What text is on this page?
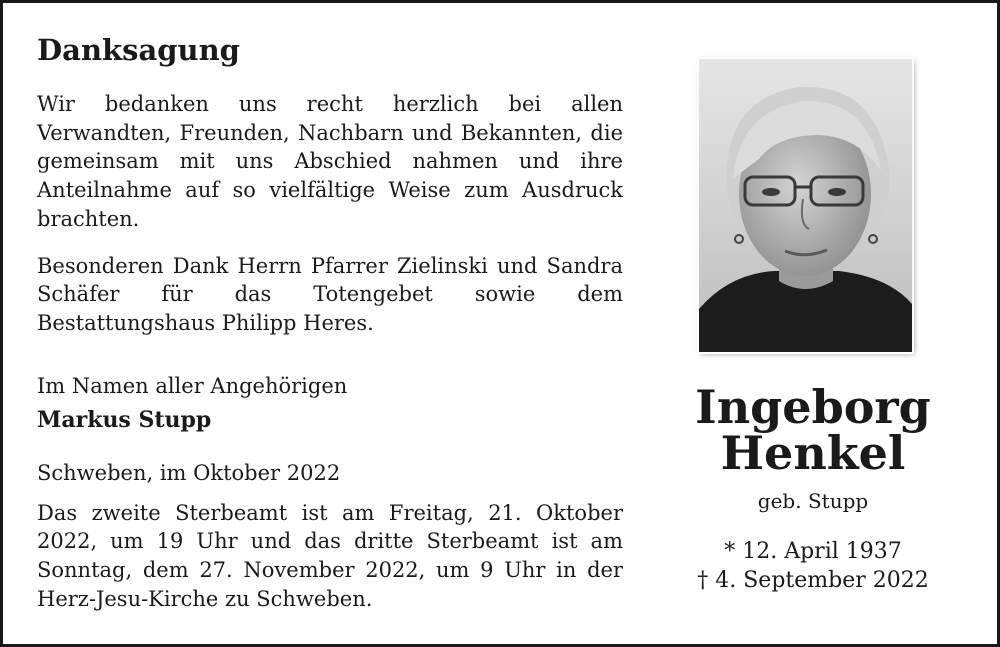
Danksagung

Wir bedanken uns recht herzlich bei allen Verwandten, Freunden, Nachbarn und Bekannten, die gemeinsam mit uns Abschied nahmen und ihre Anteilnahme auf so vielfältige Weise zum Ausdruck brachten.

Besonderen Dank Herrn Pfarrer Zielinski und Sandra Schäfer für das Totengebet sowie dem Bestattungshaus Philipp Heres.

Im Namen aller Angehörigen

Markus Stupp

Schweben, im Oktober 2022

Das zweite Sterbeamt ist am Freitag, 21. Oktober 2022, um 19 Uhr und das dritte Sterbeamt ist am Sonntag, dem 27. November 2022, um 9 Uhr in der Herz-Jesu-Kirche zu Schweben.

Ingeborg
Henkel

geb. Stupp

* 12. April 1937
† 4. September 2022
